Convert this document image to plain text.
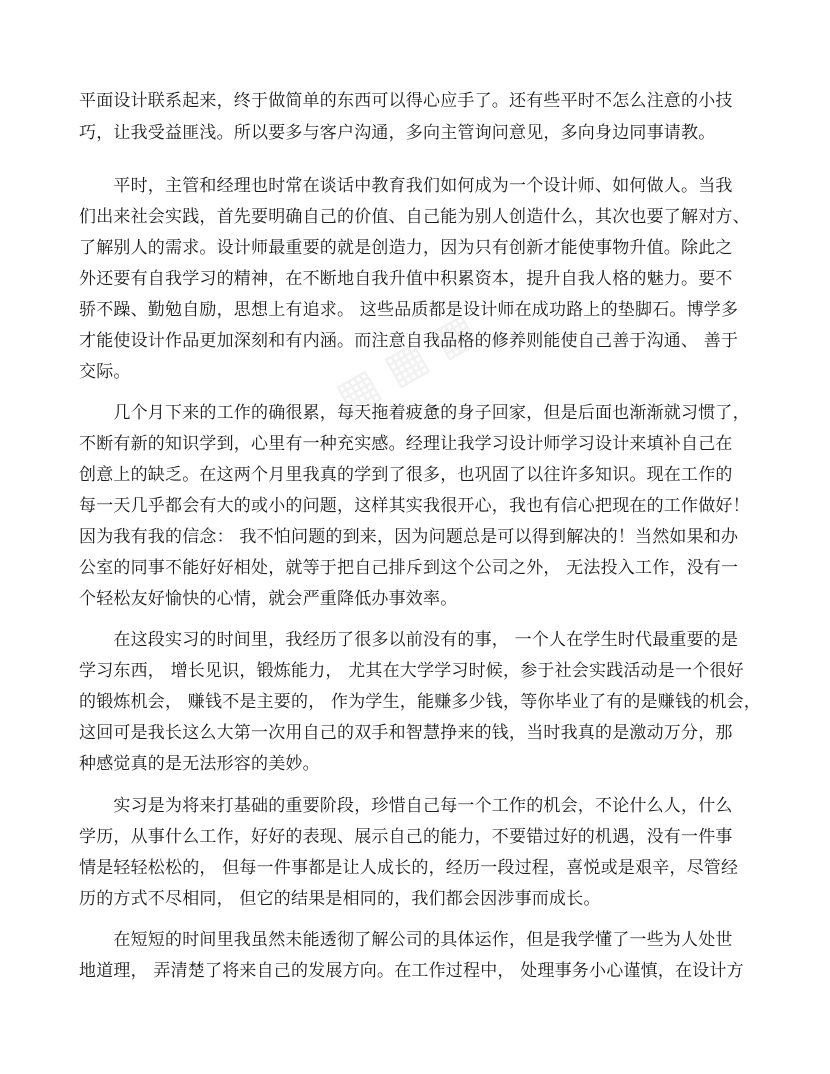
▦ ▦ ▦
平面设计联系起来，终于做简单的东西可以得心应手了。还有些平时不怎么注意的小技
巧，让我受益匪浅。所以要多与客户沟通，多向主管询问意见，多向身边同事请教。
　　平时，主管和经理也时常在谈话中教育我们如何成为一个设计师、如何做人。当我
们出来社会实践，首先要明确自己的价值、自己能为别人创造什么，其次也要了解对方、
了解别人的需求。设计师最重要的就是创造力，因为只有创新才能使事物升值。除此之
外还要有自我学习的精神，在不断地自我升值中积累资本，提升自我人格的魅力。要不
骄不躁、勤勉自励，思想上有追求。 这些品质都是设计师在成功路上的垫脚石。博学多
才能使设计作品更加深刻和有内涵。而注意自我品格的修养则能使自己善于沟通、 善于
交际。
　　几个月下来的工作的确很累，每天拖着疲惫的身子回家，但是后面也渐渐就习惯了，
不断有新的知识学到，心里有一种充实感。经理让我学习设计师学习设计来填补自己在
创意上的缺乏。在这两个月里我真的学到了很多，也巩固了以往许多知识。现在工作的
每一天几乎都会有大的或小的问题，这样其实我很开心，我也有信心把现在的工作做好！
因为我有我的信念： 我不怕问题的到来，因为问题总是可以得到解决的！当然如果和办
公室的同事不能好好相处，就等于把自己排斥到这个公司之外， 无法投入工作，没有一
个轻松友好愉快的心情，就会严重降低办事效率。
　　在这段实习的时间里，我经历了很多以前没有的事， 一个人在学生时代最重要的是
学习东西， 增长见识，锻炼能力， 尤其在大学学习时候，参于社会实践活动是一个很好
的锻炼机会， 赚钱不是主要的， 作为学生，能赚多少钱，等你毕业了有的是赚钱的机会，
这回可是我长这么大第一次用自己的双手和智慧挣来的钱，当时我真的是激动万分，那
种感觉真的是无法形容的美妙。
　　实习是为将来打基础的重要阶段，珍惜自己每一个工作的机会，不论什么人，什么
学历，从事什么工作，好好的表现、展示自己的能力，不要错过好的机遇，没有一件事
情是轻轻松松的， 但每一件事都是让人成长的，经历一段过程，喜悦或是艰辛，尽管经
历的方式不尽相同， 但它的结果是相同的，我们都会因涉事而成长。
　　在短短的时间里我虽然未能透彻了解公司的具体运作，但是我学懂了一些为人处世
地道理， 弄清楚了将来自己的发展方向。在工作过程中， 处理事务小心谨慎，在设计方
